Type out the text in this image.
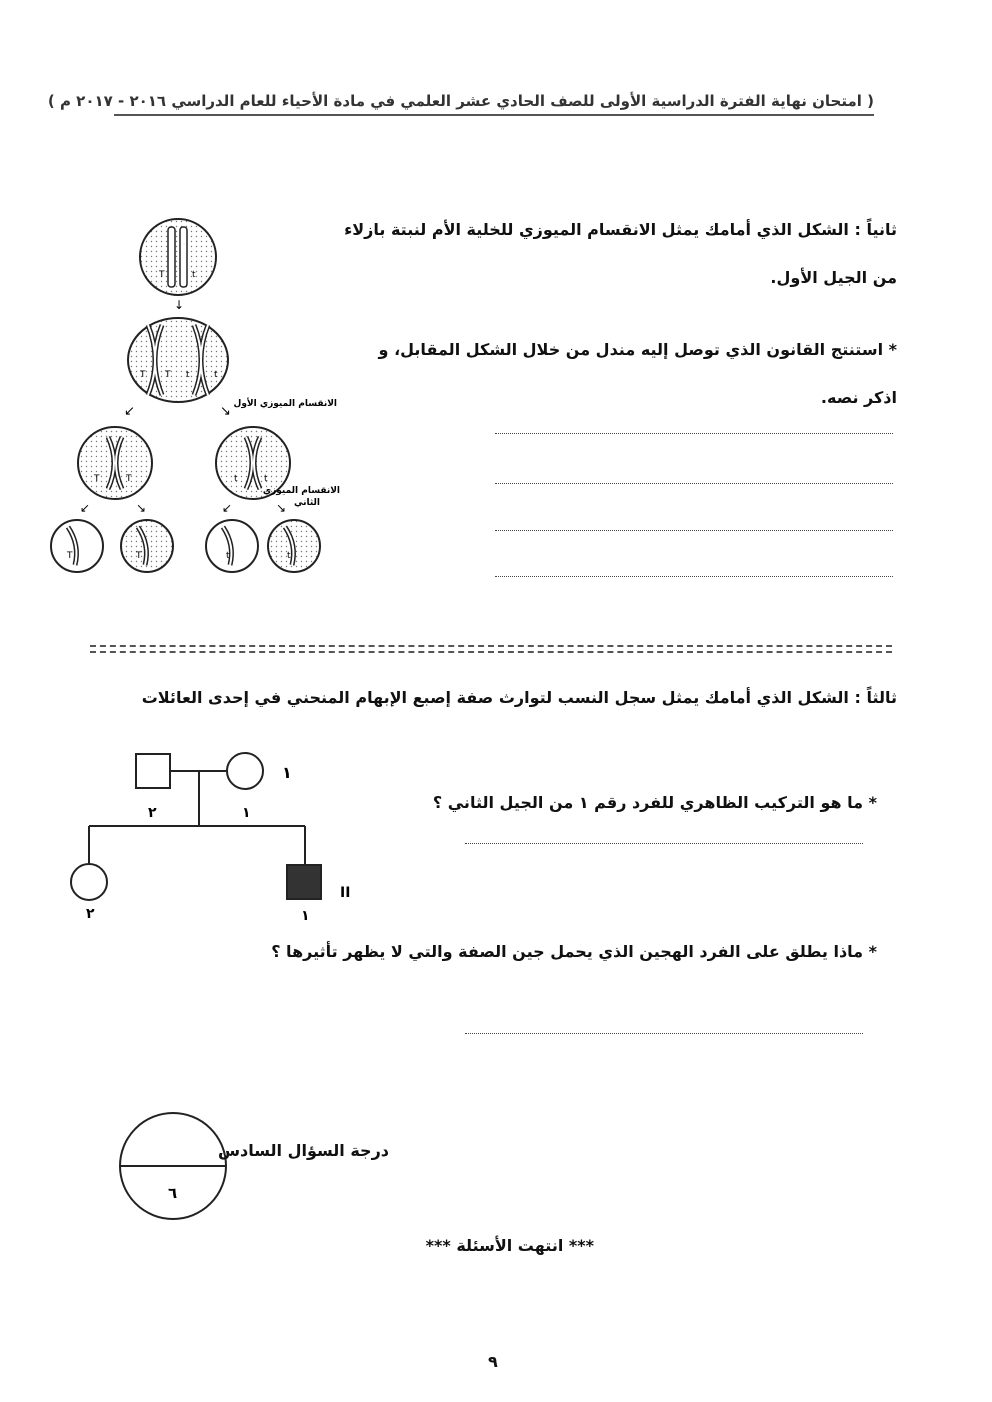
( امتحان نهاية الفترة الدراسية الأولى للصف الحادي عشر العلمي في مادة الأحياء للعام الدراسي ٢٠١٦ - ٢٠١٧ م )
ثانياً : الشكل الذي أمامك يمثل الانقسام الميوزي للخلية الأم لنبتة بازلاء
من الجيل الأول.
* استنتج القانون الذي توصل إليه مندل من خلال الشكل المقابل، و
اذكر نصه.
T	t
↓
T T t	t
↙	↘ الانقسام الميوزي الأول
T	T	t	t
الانقسام الميوزي
الثاني
↙	↘	↙	↘
T	T	t	t
ثالثاً : الشكل الذي أمامك يمثل سجل النسب لتوارث صفة إصبع الإبهام المنحني في إحدى العائلات
* ما هو التركيب الظاهري للفرد رقم ١ من الجيل الثاني ؟
* ماذا يطلق على الفرد الهجين الذي يحمل جين الصفة والتي لا يظهر تأثيرها ؟
١
٢	١
II
٢	١
٦
درجة السؤال السادس
*** انتهت الأسئلة ***
٩
